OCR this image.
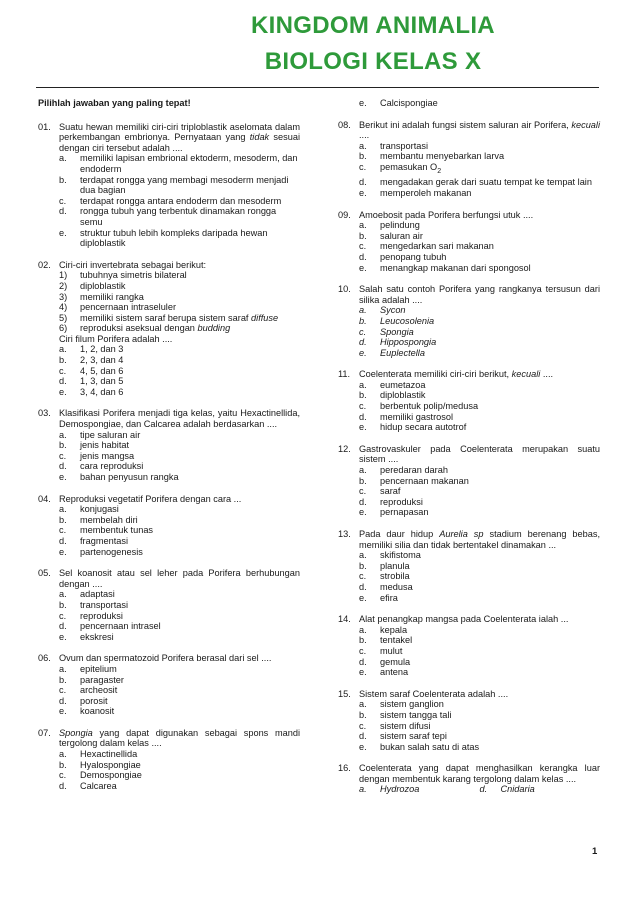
KINGDOM ANIMALIA
BIOLOGI KELAS X
Pilihlah jawaban yang paling tepat!
01. Suatu hewan memiliki ciri-ciri triploblastik aselomata dalam perkembangan embrionya. Pernyataan yang tidak sesuai dengan ciri tersebut adalah ....
a.	memiliki lapisan embrional ektoderm, mesoderm, dan endoderm
b.	terdapat rongga yang membagi mesoderm menjadi dua bagian
c.	terdapat rongga antara endoderm dan mesoderm
d.	rongga tubuh yang terbentuk dinamakan rongga semu
e.	struktur tubuh lebih kompleks daripada hewan diploblastik
02. Ciri-ciri invertebrata sebagai berikut:
1)	tubuhnya simetris bilateral
2)	diploblastik
3)	memiliki rangka
4)	pencernaan intraseluler
5)	memiliki sistem saraf berupa sistem saraf diffuse
6)	reproduksi aseksual dengan budding
Ciri filum Porifera adalah ....
a.	1, 2, dan 3
b.	2, 3, dan 4
c.	4, 5, dan 6
d.	1, 3, dan 5
e.	3, 4, dan 6
03. Klasifikasi Porifera menjadi tiga kelas, yaitu Hexactinellida, Demospongiae, dan Calcarea adalah berdasarkan ....
a.	tipe saluran air
b.	jenis habitat
c.	jenis mangsa
d.	cara reproduksi
e.	bahan penyusun rangka
04. Reproduksi vegetatif Porifera dengan cara ...
a.	konjugasi
b.	membelah diri
c.	membentuk tunas
d.	fragmentasi
e.	partenogenesis
05. Sel koanosit atau sel leher pada Porifera berhubungan dengan ....
a.	adaptasi
b.	transportasi
c.	reproduksi
d.	pencernaan intrasel
e.	ekskresi
06. Ovum dan spermatozoid Porifera berasal dari sel ....
a.	epitelium
b.	paragaster
c.	archeosit
d.	porosit
e.	koanosit
07. Spongia yang dapat digunakan sebagai spons mandi tergolong dalam kelas ....
a.	Hexactinellida
b.	Hyalospongiae
c.	Demospongiae
d.	Calcarea
e.	Calcispongiae
08. Berikut ini adalah fungsi sistem saluran air Porifera, kecuali ....
a.	transportasi
b.	membantu menyebarkan larva
c.	pemasukan $O_2$
d.	mengadakan gerak dari suatu tempat ke tempat lain
e.	memperoleh makanan
09. Amoebosit pada Porifera berfungsi utuk ....
a.	pelindung
b.	saluran air
c.	mengedarkan sari makanan
d.	penopang tubuh
e.	menangkap makanan dari spongosol
10. Salah satu contoh Porifera yang rangkanya tersusun dari silika adalah ....
a.	Sycon
b.	Leucosolenia
c.	Spongia
d.	Hippospongia
e.	Euplectella
11. Coelenterata memiliki ciri-ciri berikut, kecuali ....
a.	eumetazoa
b.	diploblastik
c.	berbentuk polip/medusa
d.	memiliki gastrosol
e.	hidup secara autotrof
12. Gastrovaskuler pada Coelenterata merupakan suatu sistem ....
a.	peredaran darah
b.	pencernaan makanan
c.	saraf
d.	reproduksi
e.	pernapasan
13. Pada daur hidup Aurelia sp stadium berenang bebas, memiliki silia dan tidak bertentakel dinamakan ...
a.	skifistoma
b.	planula
c.	strobila
d.	medusa
e.	efira
14. Alat penangkap mangsa pada Coelenterata ialah ...
a.	kepala
b.	tentakel
c.	mulut
d.	gemula
e.	antena
15. Sistem saraf Coelenterata adalah ....
a.	sistem ganglion
b.	sistem tangga tali
c.	sistem difusi
d.	sistem saraf tepi
e.	bukan salah satu di atas
16. Coelenterata yang dapat menghasilkan kerangka luar dengan membentuk karang tergolong dalam kelas ....
a.	Hydrozoa	d.	Cnidaria
1
